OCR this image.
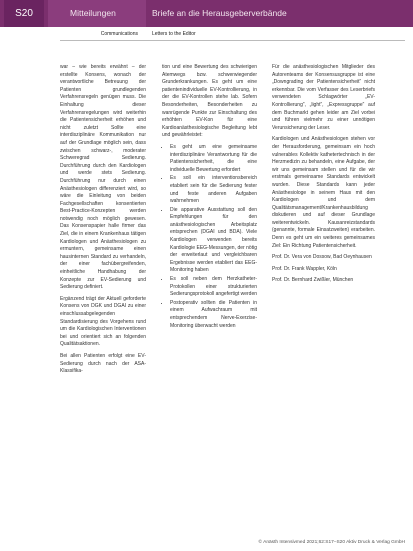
S20	Mitteilungen	Briefe an die Herausgeberverbände
Communications	Letters to the Editor

war – wie bereits erwähnt – der erstellte Konsens, wonach der verantwortliche Betreuung der Patienten grundlegenden Verfahrensregeln genügen muss. Die Einhaltung dieser Verfahrensregelungen wird weiterhin die Patientensicherheit erhöhen und nicht zuletzt Sollte eine interdisziplinäre Kommunikation nur auf der Grundlage möglich sein, dass zwischen schwarz-, moderater Schweregrad Sedierung. Durchführung durch den Kardiologen und werde stets Sedierung. Durchführung nur durch einen Anästhesiologen differenziert wird, so wäre die Einleitung von beiden Fachgesellschaften konsentierten Best-Practice-Konzepten werden notwendig noch möglich gewesen. Das Konsenspapier halle firmer das Ziel, die in einem Krankenhaus tätigen Kardiologen und Anästhesiologen zu ermuntern, gemeinsame einen hausinternen Standard zu verhandeln, der einer fachübergreifenden, einheitliche Handhabung der Konzepte zur EV-Sedierung und Sedierung definiert.

Ergänzend trägt der Aktuell geforderte Konsens von DGK und DGAI zu einer einschlussabgelegenden Standardisierung des Vorgehens rund um die Kardiologischen Interventionen bei und orientiert sich an folgenden Qualitätsaktionen.

Bei allen Patienten erfolgt eine EV-Sedierung durch nach der ASA-Klassifika-

tion und eine Bewertung des schwierigen Atemwegs bzw. schwerwiegender Grunderkrankungen. Es geht um eine patientenindividuelle EV-Kontrollierung, in der die EV-Kontrollen stehe lab. Sofern Besonderheiten, Besonderheiten zu wanrügende Punkte zur Einschaltung des erhöhten EV-Kon für eine Kardioanästhesiologische Begleitung lebt und gewährleistet:

• Es geht um eine gemeinsame interdisziplinäre Verantwortung für die Patientensicherheit, die eine individuelle Bewertung erfordert
• Es soll ein interventionsbereich etabliert sein für die Sedierung fester und feste anderen Aufgaben wahrnehmen
• Die apparative Ausstattung soll den Empfehlungen für den anästhesiologischen Arbeitsplatz entsprechen (DGAI und BDA). Viele Kardiologen verwenden bereits Kardiologie EEG-Messungen, der nötig der erweiterlaut und vergleichbaren Ergebnisse werden etabliert das EEG-Monitoring haben
• Es soll neben dem Herzkatheter-Protokollen einer strukturierten Sedierungsprotokoll angefertigt werden
• Postoperativ sollten die Patienten in einem Aufwachraum mit entsprechendem Nerve-Exerzise-Monitoring überwacht werden

Für die anästhesiologischen Mitglieder des Autorenteams der Konsensusgruppe ist eine „Downgrading der Patientensicherheit“ nicht erkennbar. Die vom Verfasser des Leserbriefs verwendeten Schlagwörter „EV-Kontrollierung“, „light“, „Expressgruppe“ auf dem Buchmarkt gehen leider am Ziel vorbei und führen vielmehr zu einer unnötigen Verunsicherung der Leser.

Kardiologen und Anästhesiologen stehen vor der Herausforderung, gemeinsam ein hoch vulnerables Kollektiv kathetertechnisch in der Herzmedizin zu behandeln, eine Aufgabe, der wir uns gemeinsam stellen und für die wir erstmals gemeinsame Standards entwickelt wurden. Diese Standards kann jeder Anästhesiologe in seinem Haus mit den Kardiologen und dem Qualitätsmanagement/Krankenhausbildung diskutieren und auf dieser Grundlage weiterentwickeln. Kausanreizstandards (genannte, formale Einsatzweiten) erarbeiten. Denn es geht um ein weiteres gemeinsames Ziel: Ein Richtung Patientensicherheit.

Prof. Dr. Vera von Dossow, Bad Oeynhausen

Prof. Dr. Frank Wappler, Köln

Prof. Dr. Bernhard Zwißler, München

© Anästh Intensivmed 2021;62:S17–S20 Aktiv Druck & Verlag GmbH
